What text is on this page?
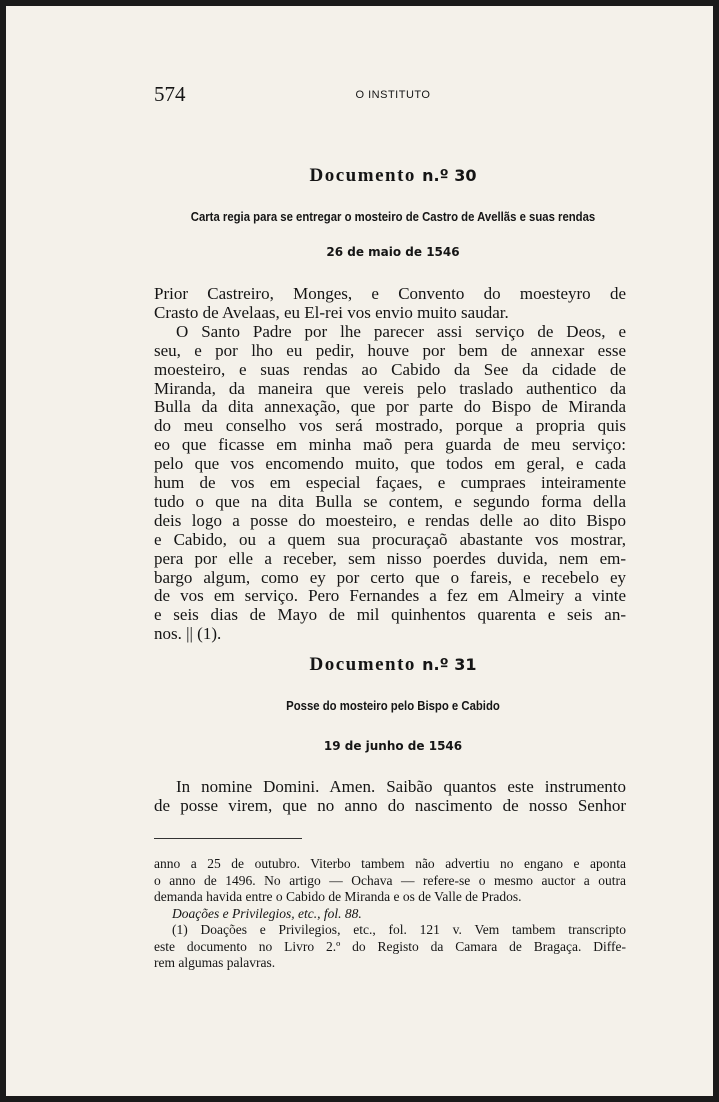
574	O INSTITUTO
Documento n.º 30
Carta regia para se entregar o mosteiro de Castro de Avellãs e suas rendas
26 de maio de 1546
Prior Castreiro, Monges, e Convento do moesteyro de
Crasto de Avelaas, eu El-rei vos envio muito saudar.
O Santo Padre por lhe parecer assi serviço de Deos, e
seu, e por lho eu pedir, houve por bem de annexar esse
moesteiro, e suas rendas ao Cabido da See da cidade de
Miranda, da maneira que vereis pelo traslado authentico da
Bulla da dita annexação, que por parte do Bispo de Miranda
do meu conselho vos será mostrado, porque a propria quis
eo que ficasse em minha maõ pera guarda de meu serviço:
pelo que vos encomendo muito, que todos em geral, e cada
hum de vos em especial façaes, e cumpraes inteiramente
tudo o que na dita Bulla se contem, e segundo forma della
deis logo a posse do moesteiro, e rendas delle ao dito Bispo
e Cabido, ou a quem sua procuraçaõ abastante vos mostrar,
pera por elle a receber, sem nisso poerdes duvida, nem em-
bargo algum, como ey por certo que o fareis, e recebelo ey
de vos em serviço. Pero Fernandes a fez em Almeiry a vinte
e seis dias de Mayo de mil quinhentos quarenta e seis an-
nos. || (1).
Documento n.º 31
Posse do mosteiro pelo Bispo e Cabido
19 de junho de 1546
In nomine Domini. Amen. Saibão quantos este instrumento
de posse virem, que no anno do nascimento de nosso Senhor
anno a 25 de outubro. Viterbo tambem não advertiu no engano e aponta
o anno de 1496. No artigo — Ochava — refere-se o mesmo auctor a outra
demanda havida entre o Cabido de Miranda e os de Valle de Prados.
Doações e Privilegios, etc., fol. 88.
(1) Doações e Privilegios, etc., fol. 121 v. Vem tambem transcripto
este documento no Livro 2.º do Registo da Camara de Bragaça. Diffe-
rem algumas palavras.
